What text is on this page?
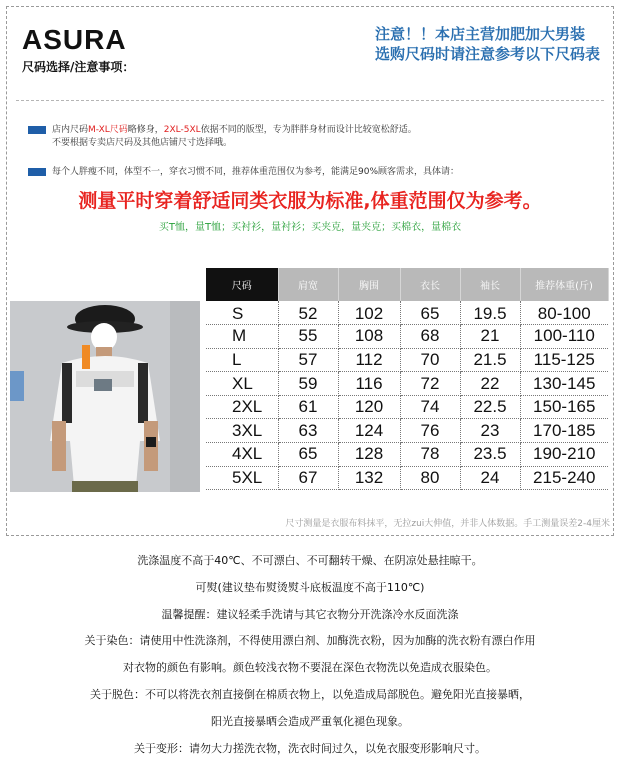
ASURA
尺码选择/注意事项：
注意！！本店主营加肥加大男装
选购尺码时请注意参考以下尺码表
店内尺码M-XL尺码略修身，2XL-5XL依据不同的版型，专为胖胖身材而设计比较宽松舒适。
不要根据专卖店尺码及其他店铺尺寸选择哦。
每个人胖瘦不同，体型不一，穿衣习惯不同，推荐体重范围仅为参考，能满足90%顾客需求，具体请：
测量平时穿着舒适同类衣服为标准,体重范围仅为参考。
买T恤，量T恤；买衬衫，量衬衫；买夹克，量夹克；买棉衣，量棉衣
尺码	肩宽	胸围	衣长	袖长	推荐体重(斤)
S	52	102	65	19.5	80-100
M	55	108	68	21	100-110
L	57	112	70	21.5	115-125
XL	59	116	72	22	130-145
2XL	61	120	74	22.5	150-165
3XL	63	124	76	23	170-185
4XL	65	128	78	23.5	190-210
5XL	67	132	80	24	215-240
尺寸测量是衣服布料抹平，无拉zui大伸值，并非人体数据。手工测量误差2-4厘米
洗涤温度不高于40℃、不可漂白、不可翻转干燥、在阴凉处悬挂晾干。
可熨(建议垫布熨烫熨斗底板温度不高于110℃)
温馨提醒：建议轻柔手洗请与其它衣物分开洗涤冷水反面洗涤
关于染色：请使用中性洗涤剂，不得使用漂白剂、加酶洗衣粉，因为加酶的洗衣粉有漂白作用
对衣物的颜色有影响。颜色较浅衣物不要混在深色衣物洗以免造成衣服染色。
关于脱色：不可以将洗衣剂直接倒在棉质衣物上，以免造成局部脱色。避免阳光直接暴晒，
阳光直接暴晒会造成严重氧化褪色现象。
关于变形：请勿大力搓洗衣物，洗衣时间过久，以免衣服变形影响尺寸。
